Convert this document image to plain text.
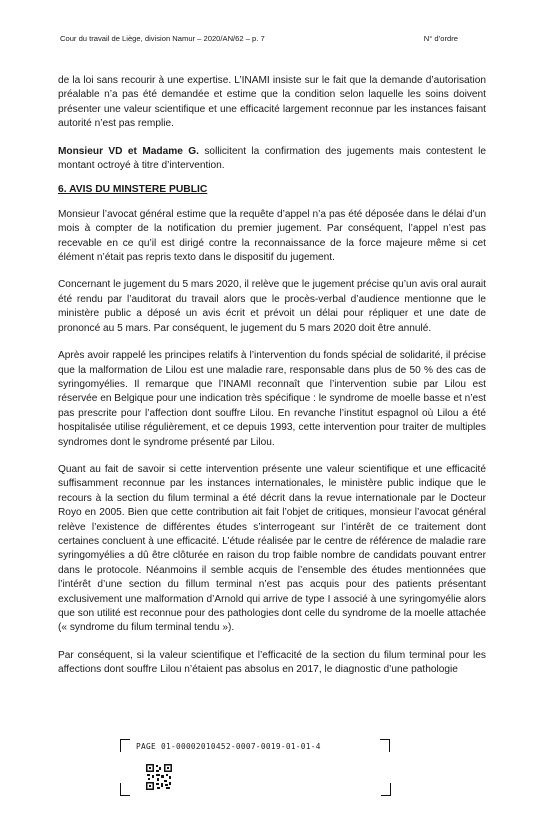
Cour du travail de Liège, division Namur – 2020/AN/62 – p. 7	N° d’ordre

de la loi sans recourir à une expertise. L’INAMI insiste sur le fait que la demande d’autorisation préalable n’a pas été demandée et estime que la condition selon laquelle les soins doivent présenter une valeur scientifique et une efficacité largement reconnue par les instances faisant autorité n’est pas remplie.

Monsieur VD et Madame G. sollicitent la confirmation des jugements mais contestent le montant octroyé à titre d’intervention.

6. AVIS DU MINSTERE PUBLIC

Monsieur l’avocat général estime que la requête d’appel n’a pas été déposée dans le délai d’un mois à compter de la notification du premier jugement. Par conséquent, l’appel n’est pas recevable en ce qu’il est dirigé contre la reconnaissance de la force majeure même si cet élément n’était pas repris texto dans le dispositif du jugement.

Concernant le jugement du 5 mars 2020, il relève que le jugement précise qu’un avis oral aurait été rendu par l’auditorat du travail alors que le procès-verbal d’audience mentionne que le ministère public a déposé un avis écrit et prévoit un délai pour répliquer et une date de prononcé au 5 mars. Par conséquent, le jugement du 5 mars 2020 doit être annulé.

Après avoir rappelé les principes relatifs à l’intervention du fonds spécial de solidarité, il précise que la malformation de Lilou est une maladie rare, responsable dans plus de 50 % des cas de syringomyélies. Il remarque que l’INAMI reconnaît que l’intervention subie par Lilou est réservée en Belgique pour une indication très spécifique : le syndrome de moelle basse et n’est pas prescrite pour l’affection dont souffre Lilou. En revanche l’institut espagnol où Lilou a été hospitalisée utilise régulièrement, et ce depuis 1993, cette intervention pour traiter de multiples syndromes dont le syndrome présenté par Lilou.

Quant au fait de savoir si cette intervention présente une valeur scientifique et une efficacité suffisamment reconnue par les instances internationales, le ministère public indique que le recours à la section du filum terminal a été décrit dans la revue internationale par le Docteur Royo en 2005. Bien que cette contribution ait fait l’objet de critiques, monsieur l’avocat général relève l’existence de différentes études s’interrogeant sur l’intérêt de ce traitement dont certaines concluent à une efficacité. L’étude réalisée par le centre de référence de maladie rare syringomyélies a dû être clôturée en raison du trop faible nombre de candidats pouvant entrer dans le protocole. Néanmoins il semble acquis de l’ensemble des études mentionnées que l’intérêt d’une section du fillum terminal n’est pas acquis pour des patients présentant exclusivement une malformation d’Arnold qui arrive de type I associé à une syringomyélie alors que son utilité est reconnue pour des pathologies dont celle du syndrome de la moelle attachée (« syndrome du filum terminal tendu »).

Par conséquent, si la valeur scientifique et l’efficacité de la section du filum terminal pour les affections dont souffre Lilou n’étaient pas absolus en 2017, le diagnostic d’une pathologie

PAGE 01-00002010452-0007-0019-01-01-4
